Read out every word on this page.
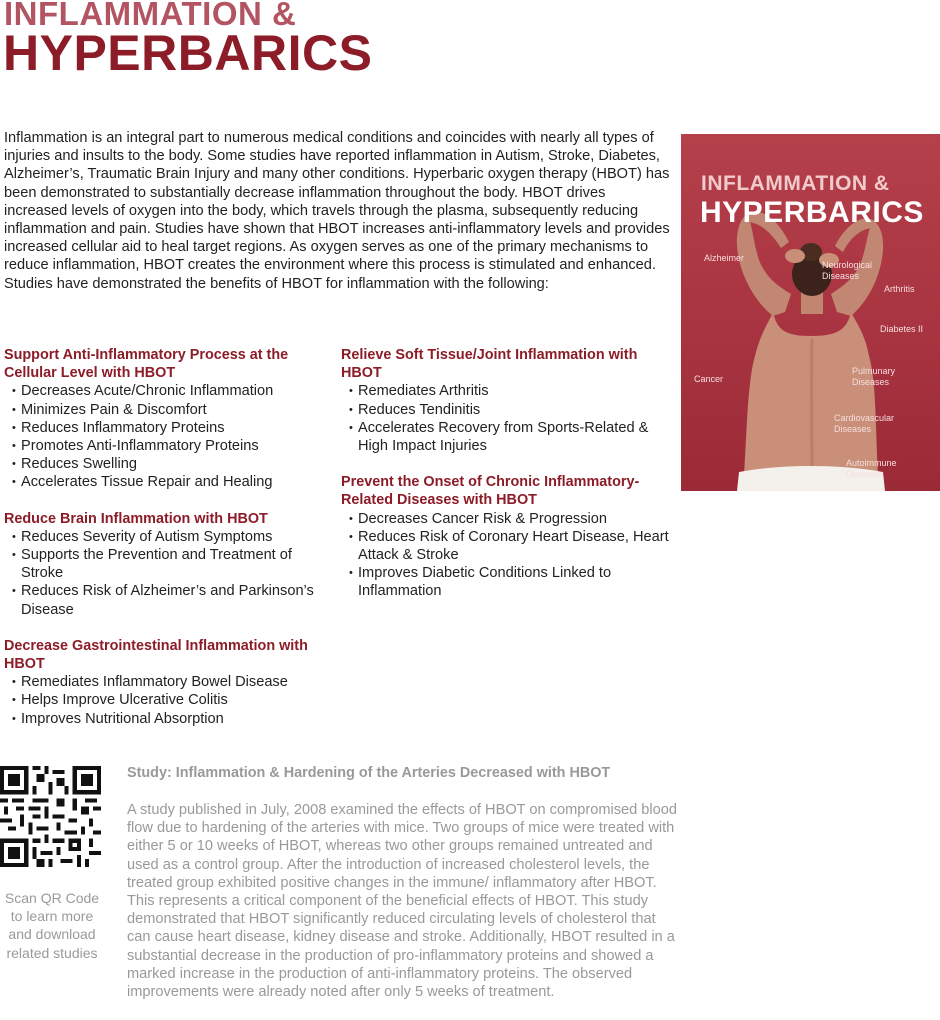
INFLAMMATION &
HYPERBARICS

Inflammation is an integral part to numerous medical conditions and coincides with nearly all types of injuries and insults to the body. Some studies have reported inflammation in Autism, Stroke, Diabetes, Alzheimer’s, Traumatic Brain Injury and many other conditions. Hyperbaric oxygen therapy (HBOT) has been demonstrated to substantially decrease inflammation throughout the body. HBOT drives increased levels of oxygen into the body, which travels through the plasma, subsequently reducing inflammation and pain. Studies have shown that HBOT increases anti-inflammatory levels and provides increased cellular aid to heal target regions. As oxygen serves as one of the primary mechanisms to reduce inflammation, HBOT creates the environment where this process is stimulated and enhanced. Studies have demonstrated the benefits of HBOT for inflammation with the following:

Support Anti-Inflammatory Process at the Cellular Level with HBOT
• Decreases Acute/Chronic Inflammation
• Minimizes Pain & Discomfort
• Reduces Inflammatory Proteins
• Promotes Anti-Inflammatory Proteins
• Reduces Swelling
• Accelerates Tissue Repair and Healing
Reduce Brain Inflammation with HBOT
• Reduces Severity of Autism Symptoms
• Supports the Prevention and Treatment of Stroke
• Reduces Risk of Alzheimer’s and Parkinson’s Disease
Decrease Gastrointestinal Inflammation with HBOT
• Remediates Inflammatory Bowel Disease
• Helps Improve Ulcerative Colitis
• Improves Nutritional Absorption
Relieve Soft Tissue/Joint Inflammation with HBOT
• Remediates Arthritis
• Reduces Tendinitis
• Accelerates Recovery from Sports-Related & High Impact Injuries
Prevent the Onset of Chronic Inflammatory-Related Diseases with HBOT
• Decreases Cancer Risk & Progression
• Reduces Risk of Coronary Heart Disease, Heart Attack & Stroke
• Improves Diabetic Conditions Linked to Inflammation
INFLAMMATION &
HYPERBARICS
Alzheimer
Neurological Diseases
Arthritis
Diabetes II
Cancer
Pulmunary Diseases
Cardiovascular Diseases
Autoimmune Diseases
Scan QR Code to learn more and download related studies
Study: Inflammation & Hardening of the Arteries Decreased with HBOT

A study published in July, 2008 examined the effects of HBOT on compromised blood flow due to hardening of the arteries with mice. Two groups of mice were treated with either 5 or 10 weeks of HBOT, whereas two other groups remained untreated and used as a control group. After the introduction of increased cholesterol levels, the treated group exhibited positive changes in the immune/ inflammatory after HBOT. This represents a critical component of the beneficial effects of HBOT. This study demonstrated that HBOT significantly reduced circulating levels of cholesterol that can cause heart disease, kidney disease and stroke. Additionally, HBOT resulted in a substantial decrease in the production of pro-inflammatory proteins and showed a marked increase in the production of anti-inflammatory proteins. The observed improvements were already noted after only 5 weeks of treatment.
